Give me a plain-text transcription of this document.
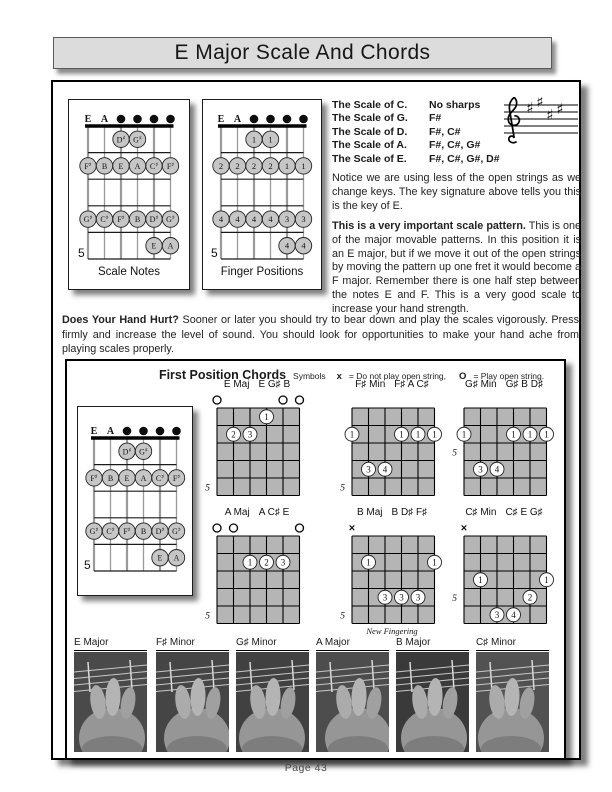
E Major Scale And Chords
E A
D♯ G♯
F♯ B E A C♯ F♯
G♯ C♯ F♯ B D♯ G♯
E A
5
Scale Notes
E A
1 1
2 2 2 2 1 1
4 4 4 4 3 3
4 4
5
Finger Positions
The Scale of C.	No sharps
The Scale of G.	F#
The Scale of D.	F#, C#
The Scale of A.	F#, C#, G#
The Scale of E.	F#, C#, G#, D#
♯ ♯
♯ ♯

Notice we are using less of the open strings as we change keys. The key signature above tells you this is the key of E.

This is a very important scale pattern. This is one of the major movable patterns. In this position it is an E major, but if we move it out of the open strings by moving the pattern up one fret it would become a F major. Remember there is one half step between the notes E and F. This is a very good scale to increase your hand strength.

Does Your Hand Hurt? Sooner or later you should try to bear down and play the scales vigorously. Press firmly and increase the level of sound. You should look for opportunities to make your hand ache from playing scales properly.

First Position Chords Symbols x = Do not play open string, O = Play open string.
E A
D♯ G♯
F♯ B E A C♯ F♯
G♯ C♯ F♯ B D♯ G♯
E A
5
E Maj E G♯ B
1
2 3
5
F♯ Min F♯ A C♯
1	1 1 1
3 4
5
G♯ Min G♯ B D♯
1	1 1 1
3 4
5
A Maj A C♯ E
1 2 3
5
B Maj B D♯ F♯
×
1	1
3 3 3
5
New Fingering
C♯ Min C♯ E G♯
×
1	1
2
3 4
5
E Major	F♯ Minor	G♯ Minor	A Major	B Major	C♯ Minor
Page 43
